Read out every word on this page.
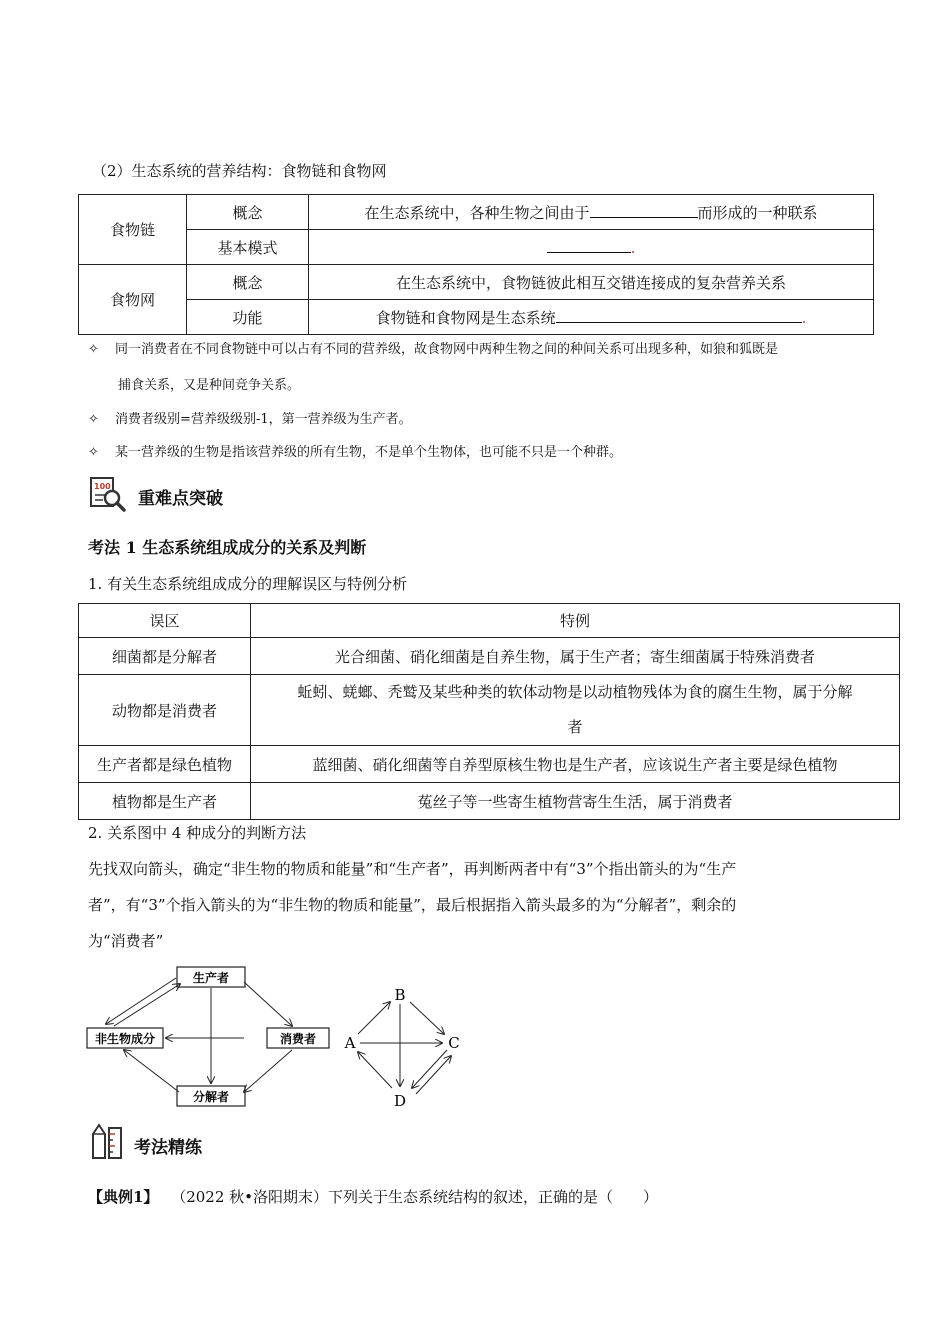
（2）生态系统的营养结构：食物链和食物网
食物链	概念	在生态系统中，各种生物之间由于 而形成的一种联系
	基本模式	.
食物网	概念	在生态系统中，食物链彼此相互交错连接成的复杂营养关系
	功能	食物链和食物网是生态系统 .
✧ 同一消费者在不同食物链中可以占有不同的营养级，故食物网中两种生物之间的种间关系可出现多种，如狼和狐既是
捕食关系，又是种间竞争关系。
✧ 消费者级别=营养级级别-1，第一营养级为生产者。
✧ 某一营养级的生物是指该营养级的所有生物，不是单个生物体，也可能不只是一个种群。
100
重难点突破
考法 1 生态系统组成成分的关系及判断
1. 有关生态系统组成成分的理解误区与特例分析
误区	特例
细菌都是分解者	光合细菌、硝化细菌是自养生物，属于生产者；寄生细菌属于特殊消费者
动物都是消费者	蚯蚓、蜣螂、秃鹫及某些种类的软体动物是以动植物残体为食的腐生生物，属于分解
者

生产者都是绿色植物	蓝细菌、硝化细菌等自养型原核生物也是生产者，应该说生产者主要是绿色植物
植物都是生产者	菟丝子等一些寄生植物营寄生生活，属于消费者
2. 关系图中 4 种成分的判断方法
先找双向箭头，确定“非生物的物质和能量”和“生产者”，再判断两者中有“3”个指出箭头的为“生产
者”，有“3”个指入箭头的为“非生物的物质和能量”，最后根据指入箭头最多的为“分解者”，剩余的
为“消费者”
生产者
非生物成分	消费者
分解者
B
A	C
D
考法精练
【典例1】 （2022 秋•洛阳期末）下列关于生态系统结构的叙述，正确的是（　　）
